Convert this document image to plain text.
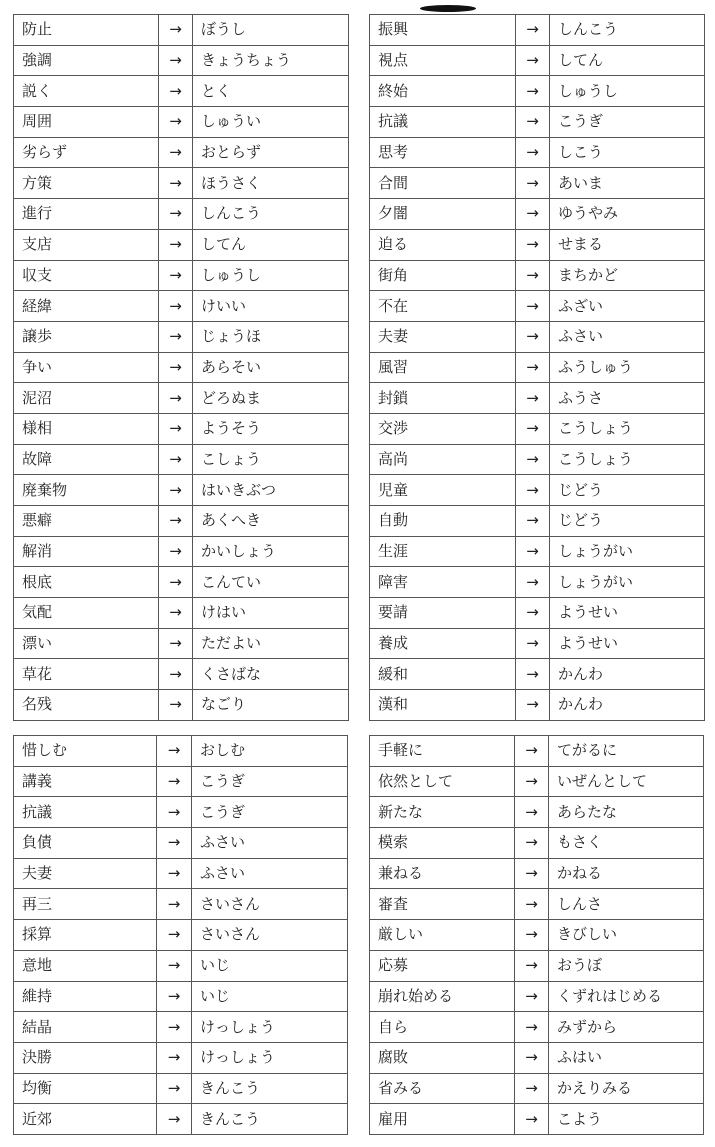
防止	→	ぼうし
強調	→	きょうちょう
説く	→	とく
周囲	→	しゅうい
劣らず	→	おとらず
方策	→	ほうさく
進行	→	しんこう
支店	→	してん
収支	→	しゅうし
経緯	→	けいい
譲歩	→	じょうほ
争い	→	あらそい
泥沼	→	どろぬま
様相	→	ようそう
故障	→	こしょう
廃棄物	→	はいきぶつ
悪癖	→	あくへき
解消	→	かいしょう
根底	→	こんてい
気配	→	けはい
漂い	→	ただよい
草花	→	くさばな
名残	→	なごり
振興	→	しんこう
視点	→	してん
終始	→	しゅうし
抗議	→	こうぎ
思考	→	しこう
合間	→	あいま
夕闇	→	ゆうやみ
迫る	→	せまる
街角	→	まちかど
不在	→	ふざい
夫妻	→	ふさい
風習	→	ふうしゅう
封鎖	→	ふうさ
交渉	→	こうしょう
高尚	→	こうしょう
児童	→	じどう
自動	→	じどう
生涯	→	しょうがい
障害	→	しょうがい
要請	→	ようせい
養成	→	ようせい
緩和	→	かんわ
漢和	→	かんわ
惜しむ	→	おしむ
講義	→	こうぎ
抗議	→	こうぎ
負債	→	ふさい
夫妻	→	ふさい
再三	→	さいさん
採算	→	さいさん
意地	→	いじ
維持	→	いじ
結晶	→	けっしょう
決勝	→	けっしょう
均衡	→	きんこう
近郊	→	きんこう
手軽に	→	てがるに
依然として	→	いぜんとして
新たな	→	あらたな
模索	→	もさく
兼ねる	→	かねる
審査	→	しんさ
厳しい	→	きびしい
応募	→	おうぼ
崩れ始める	→	くずれはじめる
自ら	→	みずから
腐敗	→	ふはい
省みる	→	かえりみる
雇用	→	こよう
